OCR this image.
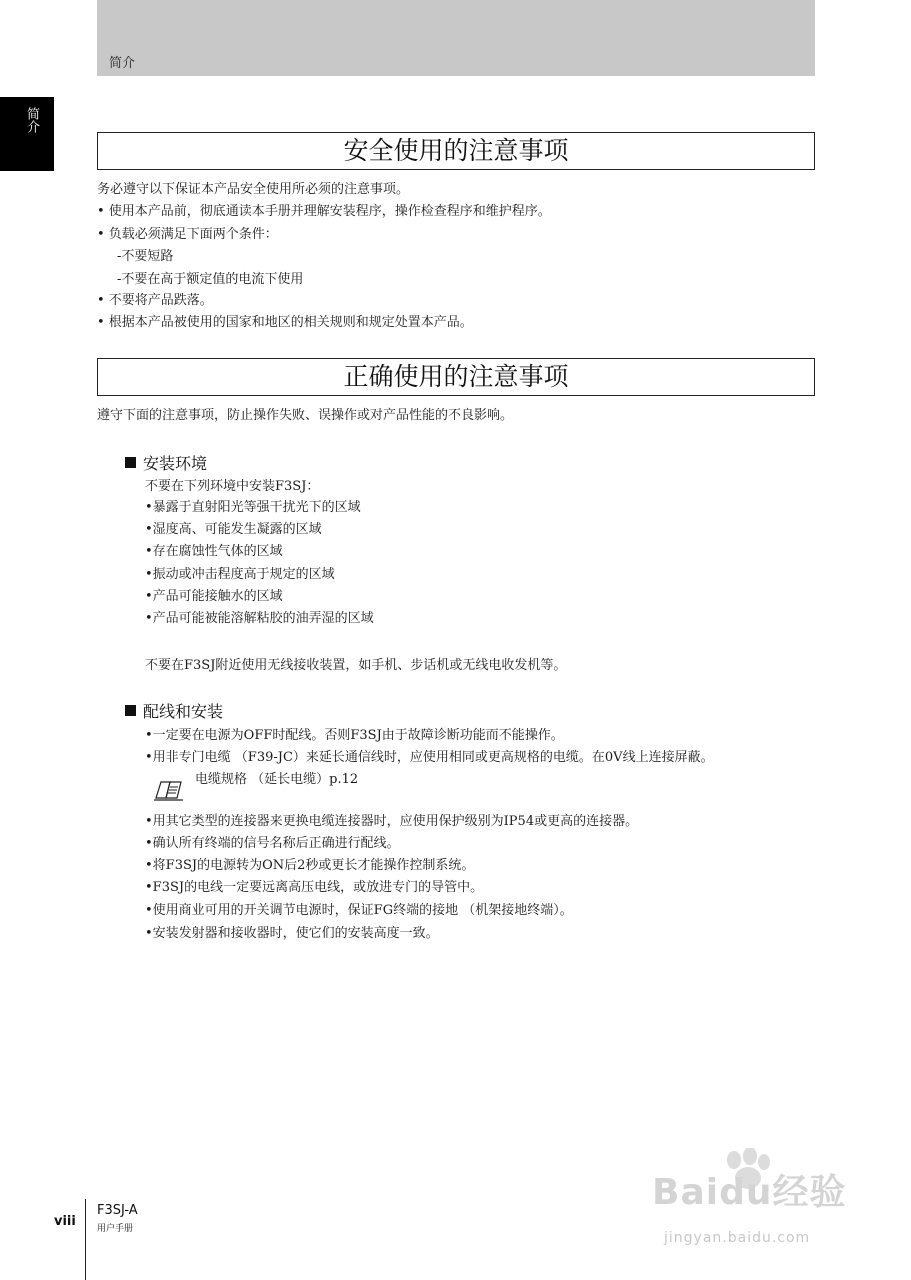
简介
简介
安全使用的注意事项
务必遵守以下保证本产品安全使用所必须的注意事项。
• 使用本产品前，彻底通读本手册并理解安装程序，操作检查程序和维护程序。
• 负载必须满足下面两个条件：
-不要短路
-不要在高于额定值的电流下使用
• 不要将产品跌落。
• 根据本产品被使用的国家和地区的相关规则和规定处置本产品。
正确使用的注意事项
遵守下面的注意事项，防止操作失败、误操作或对产品性能的不良影响。
安装环境
不要在下列环境中安装F3SJ：
•暴露于直射阳光等强干扰光下的区域
•湿度高、可能发生凝露的区域
•存在腐蚀性气体的区域
•振动或冲击程度高于规定的区域
•产品可能接触水的区域
•产品可能被能溶解粘胶的油弄湿的区域
不要在F3SJ附近使用无线接收装置，如手机、步话机或无线电收发机等。
配线和安装
•一定要在电源为OFF时配线。否则F3SJ由于故障诊断功能而不能操作。
•用非专门电缆 （F39-JC）来延长通信线时，应使用相同或更高规格的电缆。在0V线上连接屏蔽。
电缆规格 （延长电缆）p.12
•用其它类型的连接器来更换电缆连接器时，应使用保护级别为IP54或更高的连接器。
•确认所有终端的信号名称后正确进行配线。
•将F3SJ的电源转为ON后2秒或更长才能操作控制系统。
•F3SJ的电线一定要远离高压电线，或放进专门的导管中。
•使用商业可用的开关调节电源时，保证FG终端的接地 （机架接地终端）。
•安装发射器和接收器时，使它们的安装高度一致。
viii
F3SJ-A
用户手册
Baidu经验
jingyan.baidu.com
